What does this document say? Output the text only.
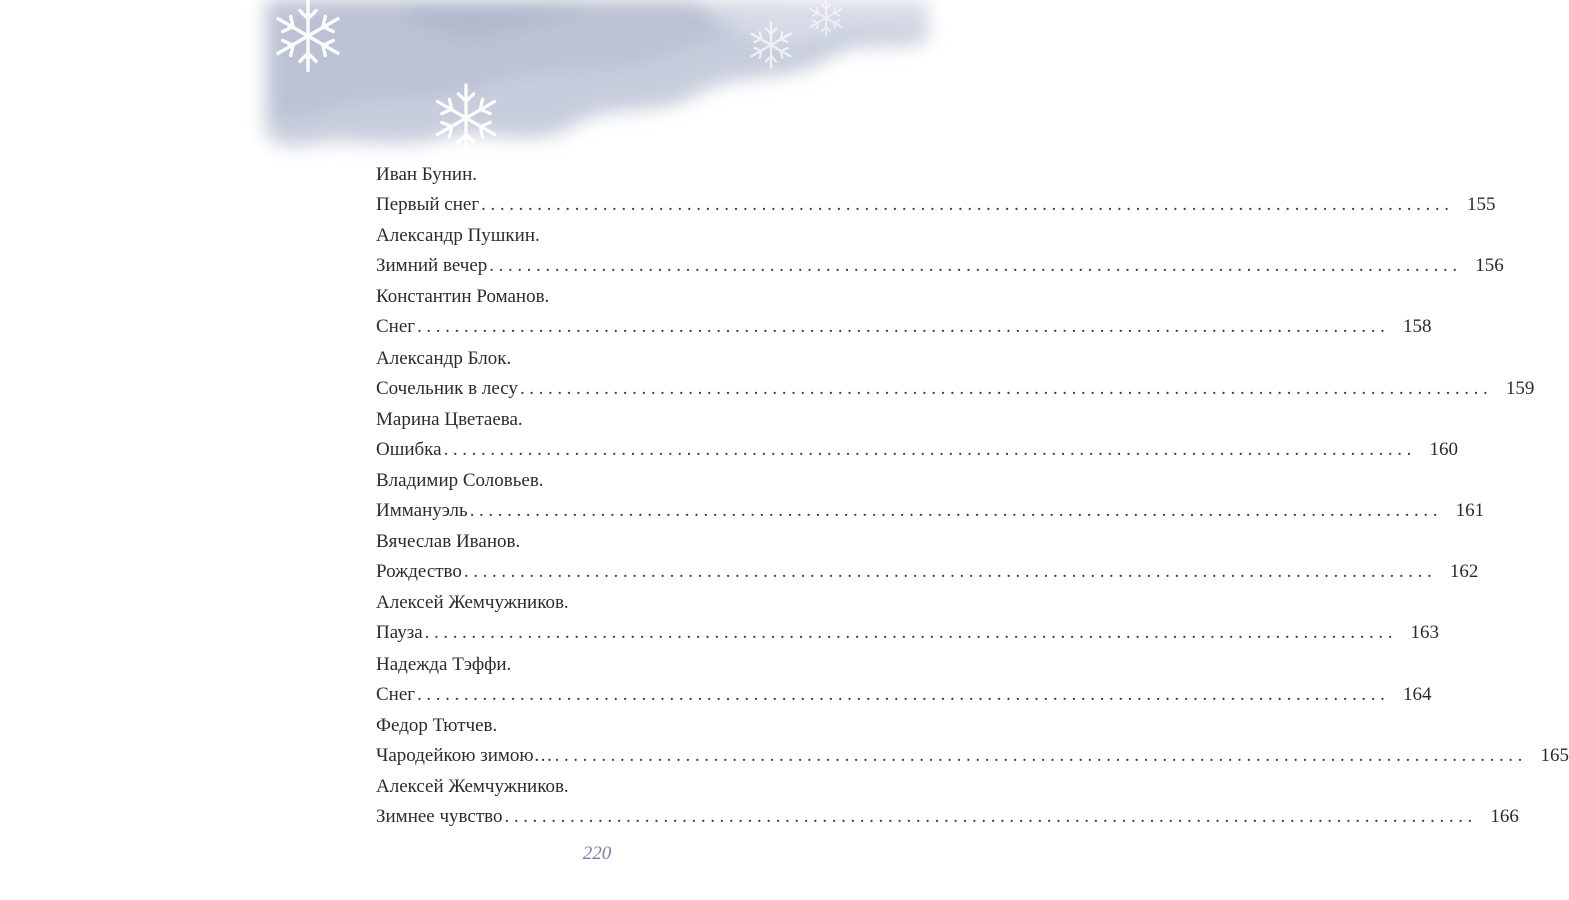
Иван Бунин.
Первый снег ........................................................................................................ 155
Александр Пушкин.
Зимний вечер ........................................................................................................ 156
Константин Романов.
Снег ........................................................................................................ 158
Александр Блок.
Сочельник в лесу ........................................................................................................ 159
Марина Цветаева.
Ошибка ........................................................................................................ 160
Владимир Соловьев.
Иммануэль ........................................................................................................ 161
Вячеслав Иванов.
Рождество ........................................................................................................ 162
Алексей Жемчужников.
Пауза ........................................................................................................ 163
Надежда Тэффи.
Снег ........................................................................................................ 164
Федор Тютчев.
Чародейкою зимою… ........................................................................................................ 165
Алексей Жемчужников.
Зимнее чувство ........................................................................................................ 166
220
